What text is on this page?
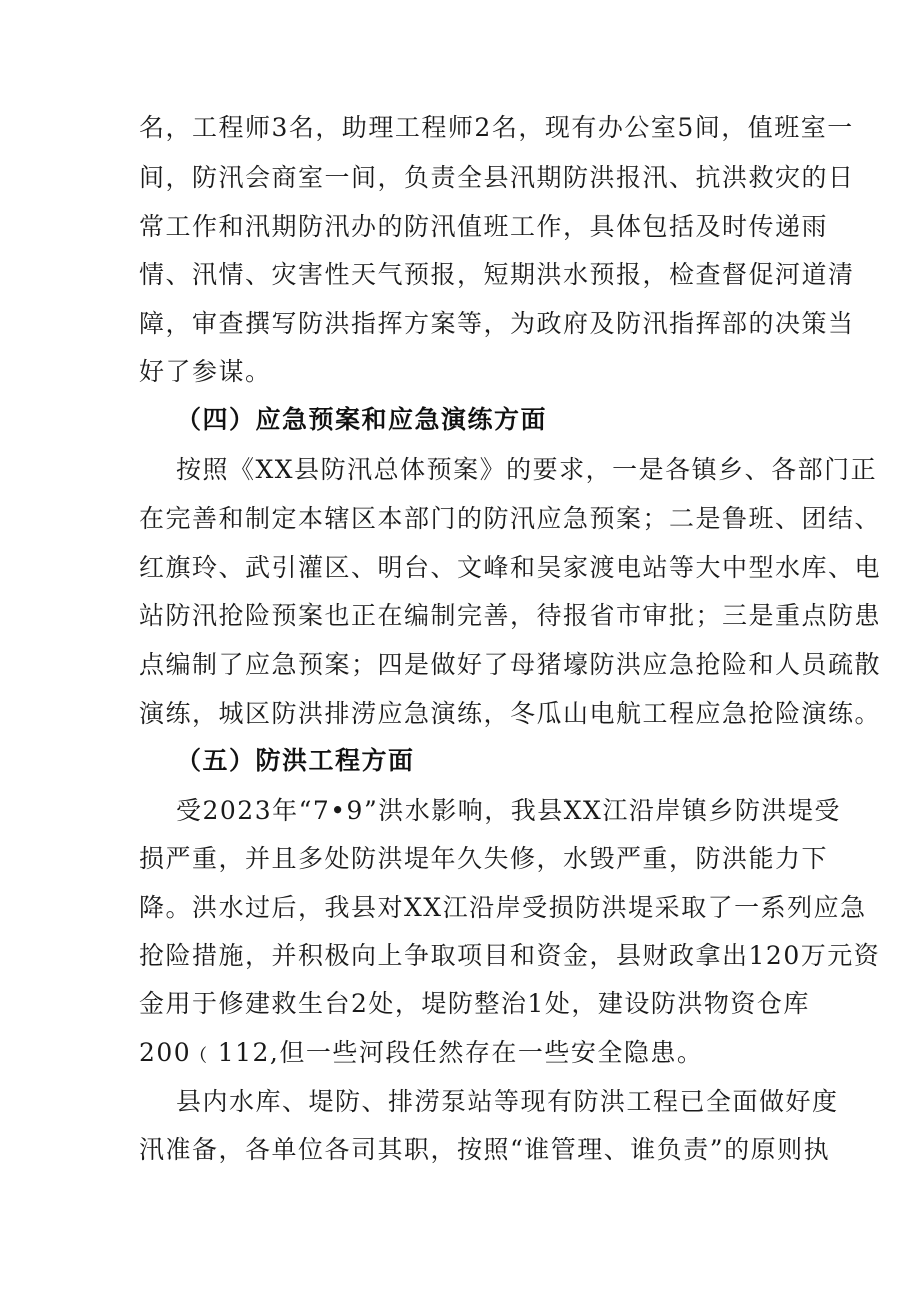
名，工程师3名，助理工程师2名，现有办公室5间，值班室一
间，防汛会商室一间，负责全县汛期防洪报汛、抗洪救灾的日
常工作和汛期防汛办的防汛值班工作，具体包括及时传递雨
情、汛情、灾害性天气预报，短期洪水预报，检查督促河道清
障，审查撰写防洪指挥方案等，为政府及防汛指挥部的决策当
好了参谋。
（四）应急预案和应急演练方面
按照《XX县防汛总体预案》的要求，一是各镇乡、各部门正
在完善和制定本辖区本部门的防汛应急预案；二是鲁班、团结、
红旗玲、武引灌区、明台、文峰和吴家渡电站等大中型水库、电
站防汛抢险预案也正在编制完善，待报省市审批；三是重点防患
点编制了应急预案；四是做好了母猪壕防洪应急抢险和人员疏散
演练，城区防洪排涝应急演练，冬瓜山电航工程应急抢险演练。
（五）防洪工程方面
受2023年“7•9”洪水影响，我县XX江沿岸镇乡防洪堤受
损严重，并且多处防洪堤年久失修，水毁严重，防洪能力下
降。洪水过后，我县对XX江沿岸受损防洪堤采取了一系列应急
抢险措施，并积极向上争取项目和资金，县财政拿出120万元资
金用于修建救生台2处，堤防整治1处，建设防洪物资仓库
200﹙112,但一些河段任然存在一些安全隐患。
县内水库、堤防、排涝泵站等现有防洪工程已全面做好度
汛准备，各单位各司其职，按照“谁管理、谁负责”的原则执
